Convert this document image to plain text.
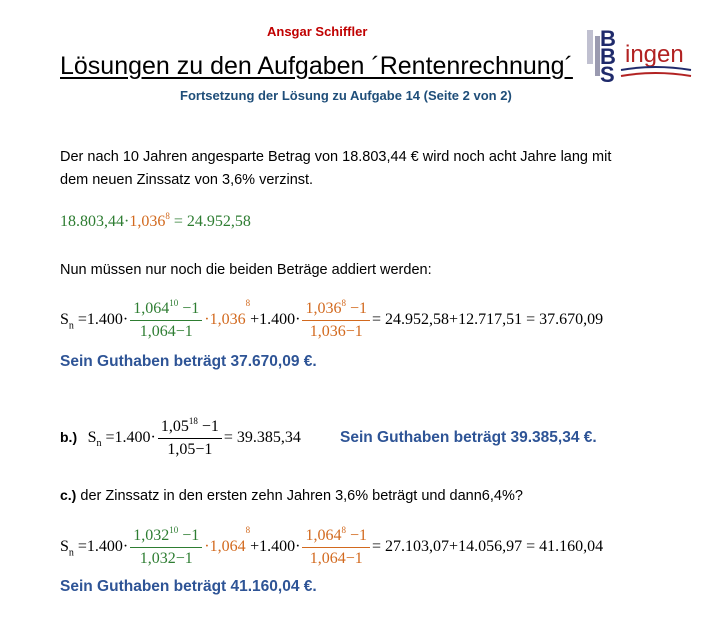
Ansgar Schiffler
Lösungen zu den Aufgaben ´Rentenrechnung´
Fortsetzung der Lösung zu Aufgabe 14 (Seite 2 von 2)
B
B
S
ingen
Der nach 10 Jahren angesparte Betrag von 18.803,44 € wird noch acht Jahre lang mit
dem neuen Zinssatz von 3,6% verzinst.
$18.803,44\cdot 1,036^8 = 24.952,58$
Nun müssen nur noch die beiden Beträge addiert werden:
$S_n =1.400\cdot \frac{1,064^{10} -1}{1,064-1} \cdot 1,036^8+1.400\cdot \frac{1,036^8 -1}{1,036-1} = 24.952,58+12.717,51 = 37.670,09$
Sein Guthaben beträgt 37.670,09 €.
b.) $S_n =1.400\cdot \frac{1,05^{18} -1}{1,05-1} = 39.385,34$	Sein Guthaben beträgt 39.385,34 €.
c.) der Zinssatz in den ersten zehn Jahren 3,6% beträgt und dann6,4%?
$S_n =1.400\cdot \frac{1,032^{10} -1}{1,032-1} \cdot 1,064^8+1.400\cdot \frac{1,064^8 -1}{1,064-1} = 27.103,07+14.056,97 = 41.160,04$
Sein Guthaben beträgt 41.160,04 €.
